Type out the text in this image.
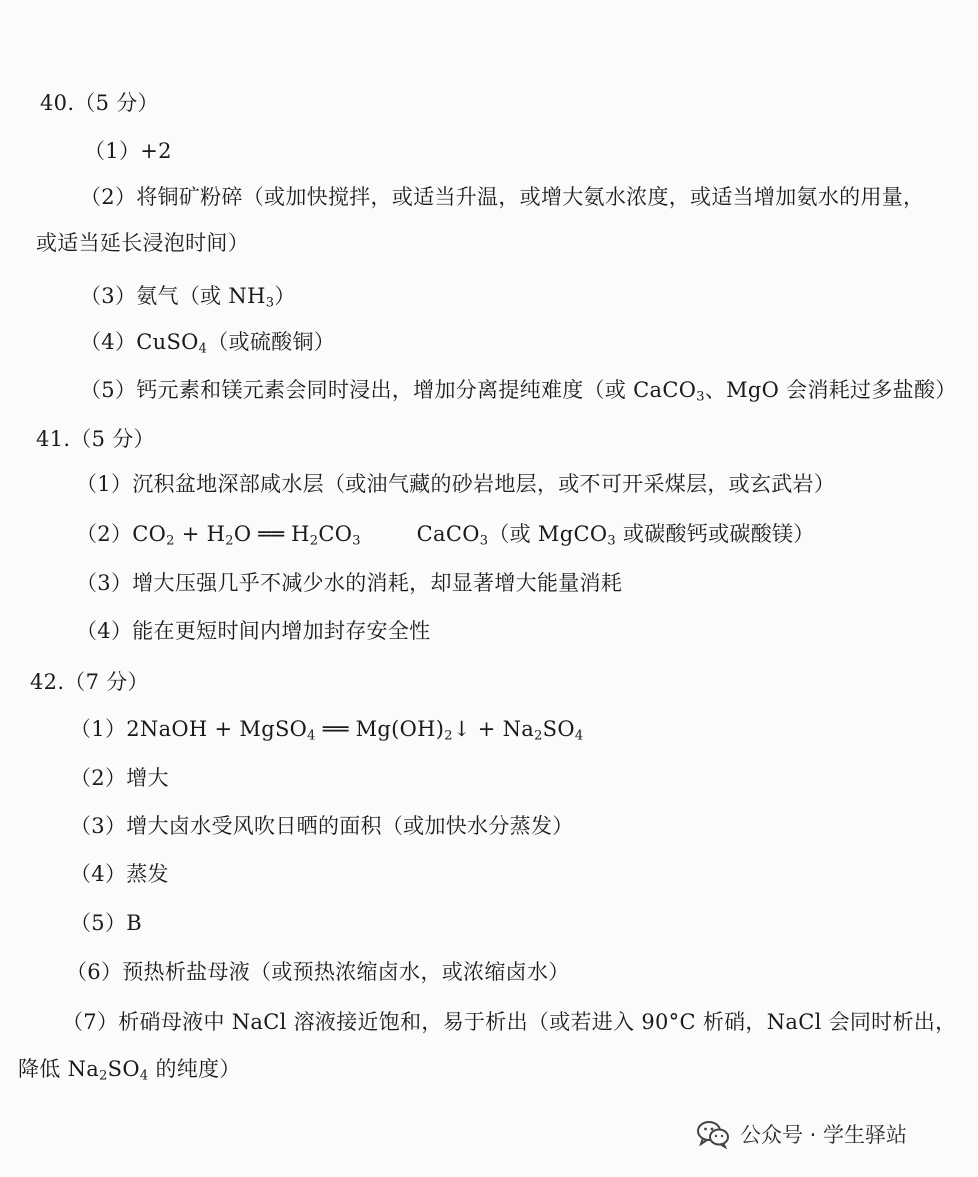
40.（5 分）
（1）+2
（2）将铜矿粉碎（或加快搅拌，或适当升温，或增大氨水浓度，或适当增加氨水的用量，
或适当延长浸泡时间）
（3）氨气（或 $NH_3$）
（4）CuSO$_4$（或硫酸铜）
（5）钙元素和镁元素会同时浸出，增加分离提纯难度（或 CaCO$_3$、MgO 会消耗过多盐酸）
41.（5 分）
（1）沉积盆地深部咸水层（或油气藏的砂岩地层，或不可开采煤层，或玄武岩）
$(2)CO_2 + H_2O$ ══ $H_2CO_3$        CaCO$_3$（或 MgCO$_3$ 或碳酸钙或碳酸镁）
（3）增大压强几乎不减少水的消耗，却显著增大能量消耗
（4）能在更短时间内增加封存安全性
42.（7 分）
（1）2NaOH + MgSO$_4$ ══ $Mg(OH)_2↓ + Na_2SO_4$
（2）增大
（3）增大卤水受风吹日晒的面积（或加快水分蒸发）
（4）蒸发
（5）B
（6）预热析盐母液（或预热浓缩卤水，或浓缩卤水）
（7）析硝母液中 NaCl 溶液接近饱和，易于析出（或若进入 90°C 析硝，NaCl 会同时析出，
降低 $Na_2SO_4$ 的纯度）
公众号 · 学生驿站
